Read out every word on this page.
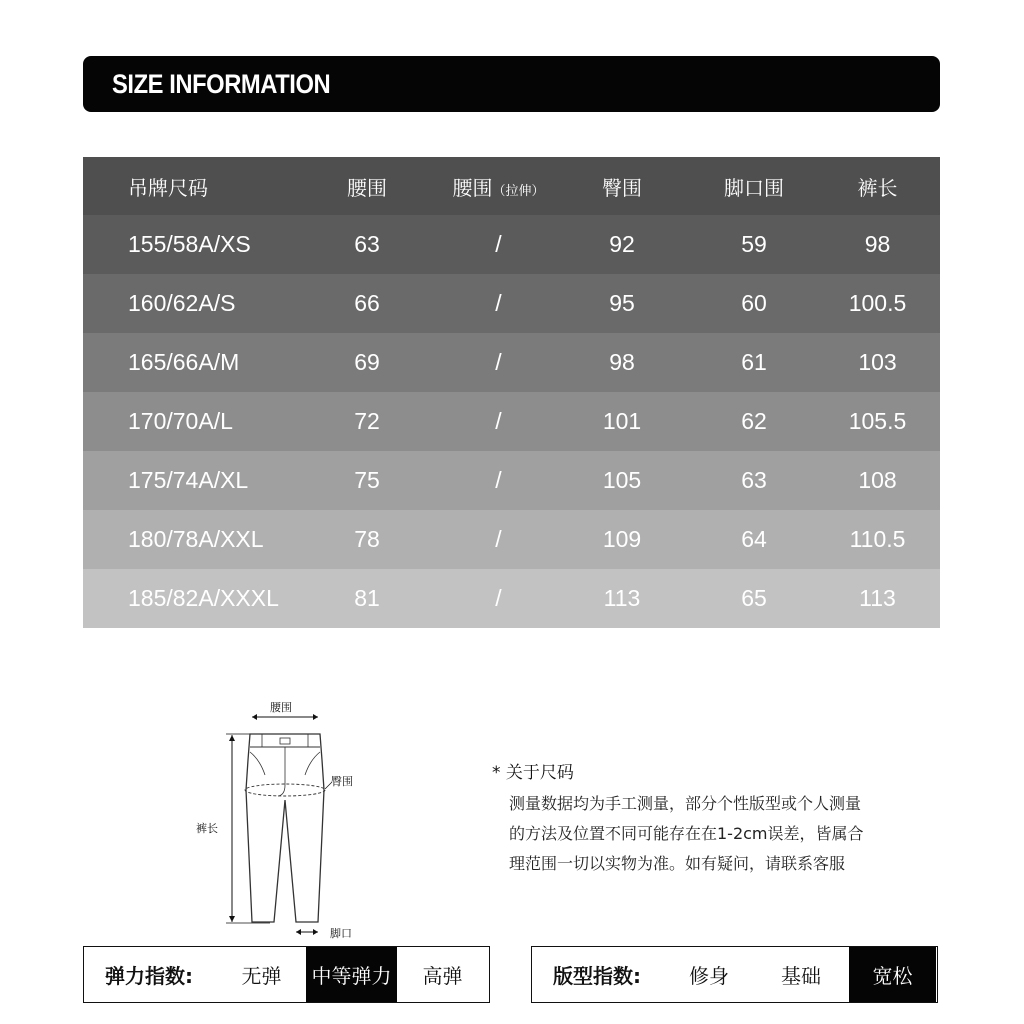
SIZE INFORMATION
吊牌尺码	腰围	腰围（拉伸）	臀围	脚口围	裤长
155/58A/XS	63	/	92	59	98
160/62A/S	66	/	95	60	100.5
165/66A/M	69	/	98	61	103
170/70A/L	72	/	101	62	105.5
175/74A/XL	75	/	105	63	108
180/78A/XXL	78	/	109	64	110.5
185/82A/XXXL	81	/	113	65	113
腰围
臀围
裤长
脚口
* 关于尺码
测量数据均为手工测量，部分个性版型或个人测量
的方法及位置不同可能存在在1-2cm误差，皆属合
理范围一切以实物为准。如有疑问，请联系客服
弹力指数:	无弹	中等弹力	高弹	版型指数:	修身	基础	宽松
